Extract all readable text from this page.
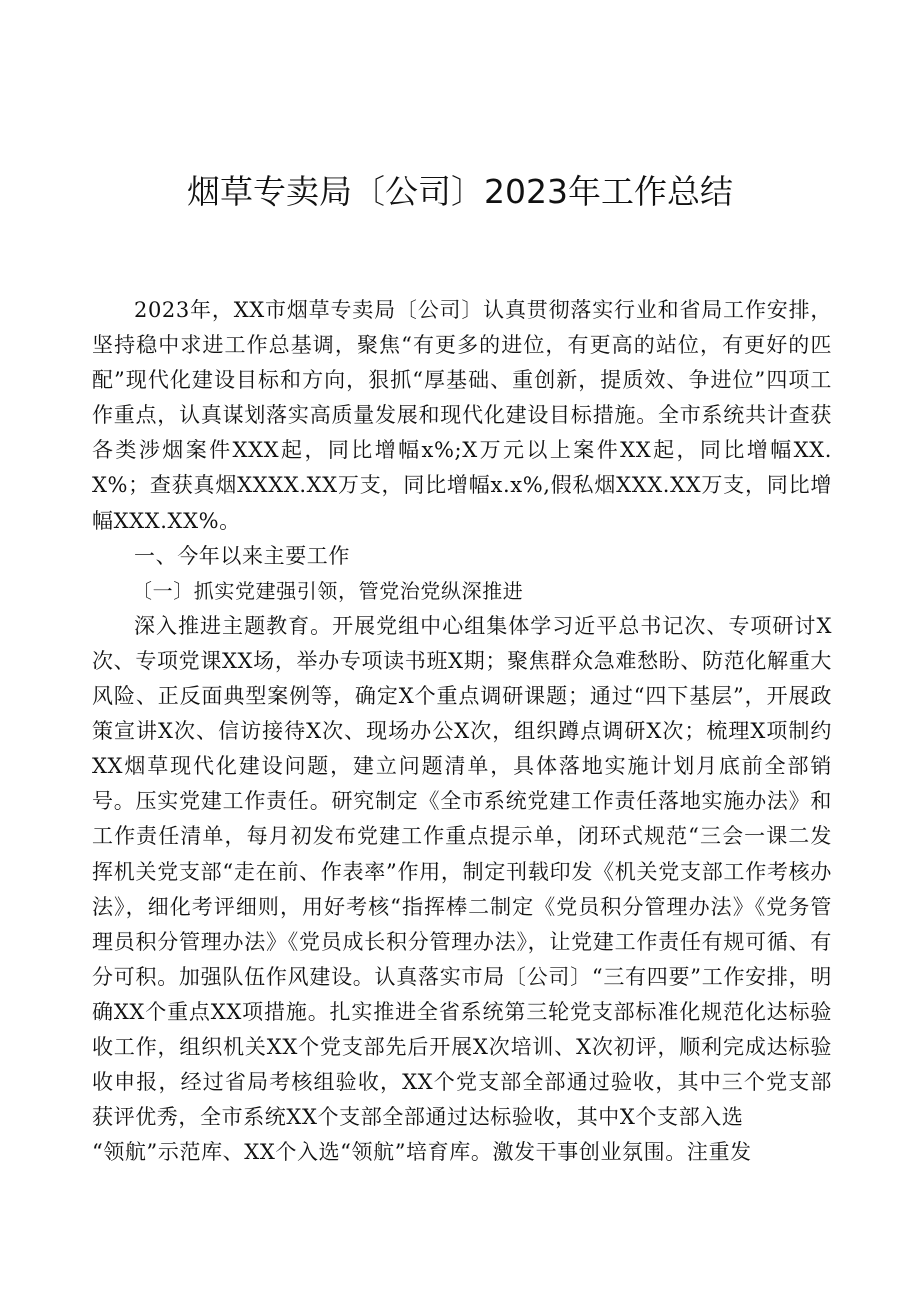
烟草专卖局〔公司〕2023年工作总结

2023年，XX市烟草专卖局〔公司〕认真贯彻落实行业和省局工作安排，坚持稳中求进工作总基调，聚焦“有更多的进位，有更高的站位，有更好的匹配”现代化建设目标和方向，狠抓“厚基础、重创新，提质效、争进位”四项工作重点，认真谋划落实高质量发展和现代化建设目标措施。全市系统共计查获各类涉烟案件XXX起，同比增幅x%;X万元以上案件XX起，同比增幅XX.X%；查获真烟XXXX.XX万支，同比增幅x.x%,假私烟XXX.XX万支，同比增幅XXX.XX%。

一、今年以来主要工作

〔一〕抓实党建强引领，管党治党纵深推进

深入推进主题教育。开展党组中心组集体学习近平总书记次、专项研讨X次、专项党课XX场，举办专项读书班X期；聚焦群众急难愁盼、防范化解重大风险、正反面典型案例等，确定X个重点调研课题；通过“四下基层”，开展政策宣讲X次、信访接待X次、现场办公X次，组织蹲点调研X次；梳理X项制约XX烟草现代化建设问题，建立问题清单，具体落地实施计划月底前全部销号。压实党建工作责任。研究制定《全市系统党建工作责任落地实施办法》和工作责任清单，每月初发布党建工作重点提示单，闭环式规范“三会一课二发挥机关党支部“走在前、作表率”作用，制定刊载印发《机关党支部工作考核办法》，细化考评细则，用好考核“指挥棒二制定《党员积分管理办法》《党务管理员积分管理办法》《党员成长积分管理办法》，让党建工作责任有规可循、有分可积。加强队伍作风建设。认真落实市局〔公司〕“三有四要”工作安排，明确XX个重点XX项措施。扎实推进全省系统第三轮党支部标准化规范化达标验收工作，组织机关XX个党支部先后开展X次培训、X次初评，顺利完成达标验收申报，经过省局考核组验收，XX个党支部全部通过验收，其中三个党支部获评优秀，全市系统XX个支部全部通过达标验收，其中X个支部入选

“领航”示范库、XX个入选“领航”培育库。激发干事创业氛围。注重发
